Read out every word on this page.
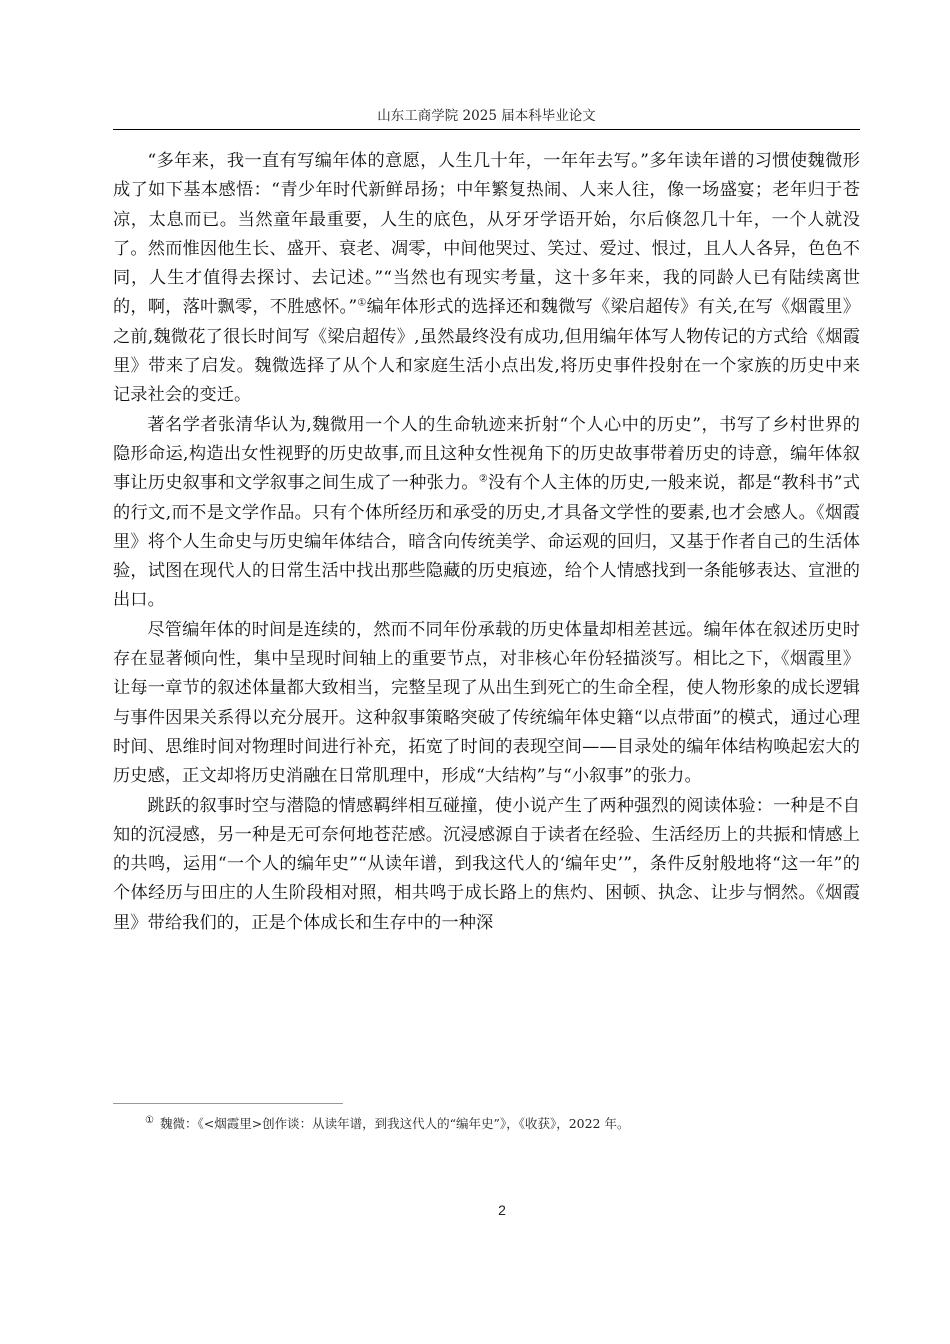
山东工商学院 2025 届本科毕业论文

“多年来，我一直有写编年体的意愿，人生几十年，一年年去写。”多年读年谱的习惯使魏微形成了如下基本感悟：“青少年时代新鲜昂扬；中年繁复热闹、人来人往，像一场盛宴；老年归于苍凉，太息而已。当然童年最重要，人生的底色，从牙牙学语开始，尔后倏忽几十年，一个人就没了。然而惟因他生长、盛开、衰老、凋零，中间他哭过、笑过、爱过、恨过，且人人各异，色色不同，人生才值得去探讨、去记述。”“当然也有现实考量，这十多年来，我的同龄人已有陆续离世的，啊，落叶飘零，不胜感怀。”①编年体形式的选择还和魏微写《梁启超传》有关,在写《烟霞里》之前,魏微花了很长时间写《梁启超传》,虽然最终没有成功,但用编年体写人物传记的方式给《烟霞里》带来了启发。魏微选择了从个人和家庭生活小点出发,将历史事件投射在一个家族的历史中来记录社会的变迁。

著名学者张清华认为,魏微用一个人的生命轨迹来折射“个人心中的历史”，书写了乡村世界的隐形命运,构造出女性视野的历史故事,而且这种女性视角下的历史故事带着历史的诗意，编年体叙事让历史叙事和文学叙事之间生成了一种张力。②没有个人主体的历史,一般来说，都是“教科书”式的行文,而不是文学作品。只有个体所经历和承受的历史,才具备文学性的要素,也才会感人。《烟霞里》将个人生命史与历史编年体结合，暗含向传统美学、命运观的回归，又基于作者自己的生活体验，试图在现代人的日常生活中找出那些隐藏的历史痕迹，给个人情感找到一条能够表达、宣泄的出口。

尽管编年体的时间是连续的，然而不同年份承载的历史体量却相差甚远。编年体在叙述历史时存在显著倾向性，集中呈现时间轴上的重要节点，对非核心年份轻描淡写。相比之下，《烟霞里》让每一章节的叙述体量都大致相当，完整呈现了从出生到死亡的生命全程，使人物形象的成长逻辑与事件因果关系得以充分展开。这种叙事策略突破了传统编年体史籍“以点带面”的模式，通过心理时间、思维时间对物理时间进行补充，拓宽了时间的表现空间——目录处的编年体结构唤起宏大的历史感，正文却将历史消融在日常肌理中，形成“大结构”与“小叙事”的张力。

跳跃的叙事时空与潜隐的情感羁绊相互碰撞，使小说产生了两种强烈的阅读体验：一种是不自知的沉浸感，另一种是无可奈何地苍茫感。沉浸感源自于读者在经验、生活经历上的共振和情感上的共鸣，运用“一个人的编年史”“从读年谱，到我这代人的‘编年史’”，条件反射般地将“这一年”的个体经历与田庄的人生阶段相对照，相共鸣于成长路上的焦灼、困顿、执念、让步与惘然。《烟霞里》带给我们的，正是个体成长和生存中的一种深

① 魏微：《<烟霞里>创作谈：从读年谱，到我这代人的“编年史”》，《收获》，2022 年。
2
